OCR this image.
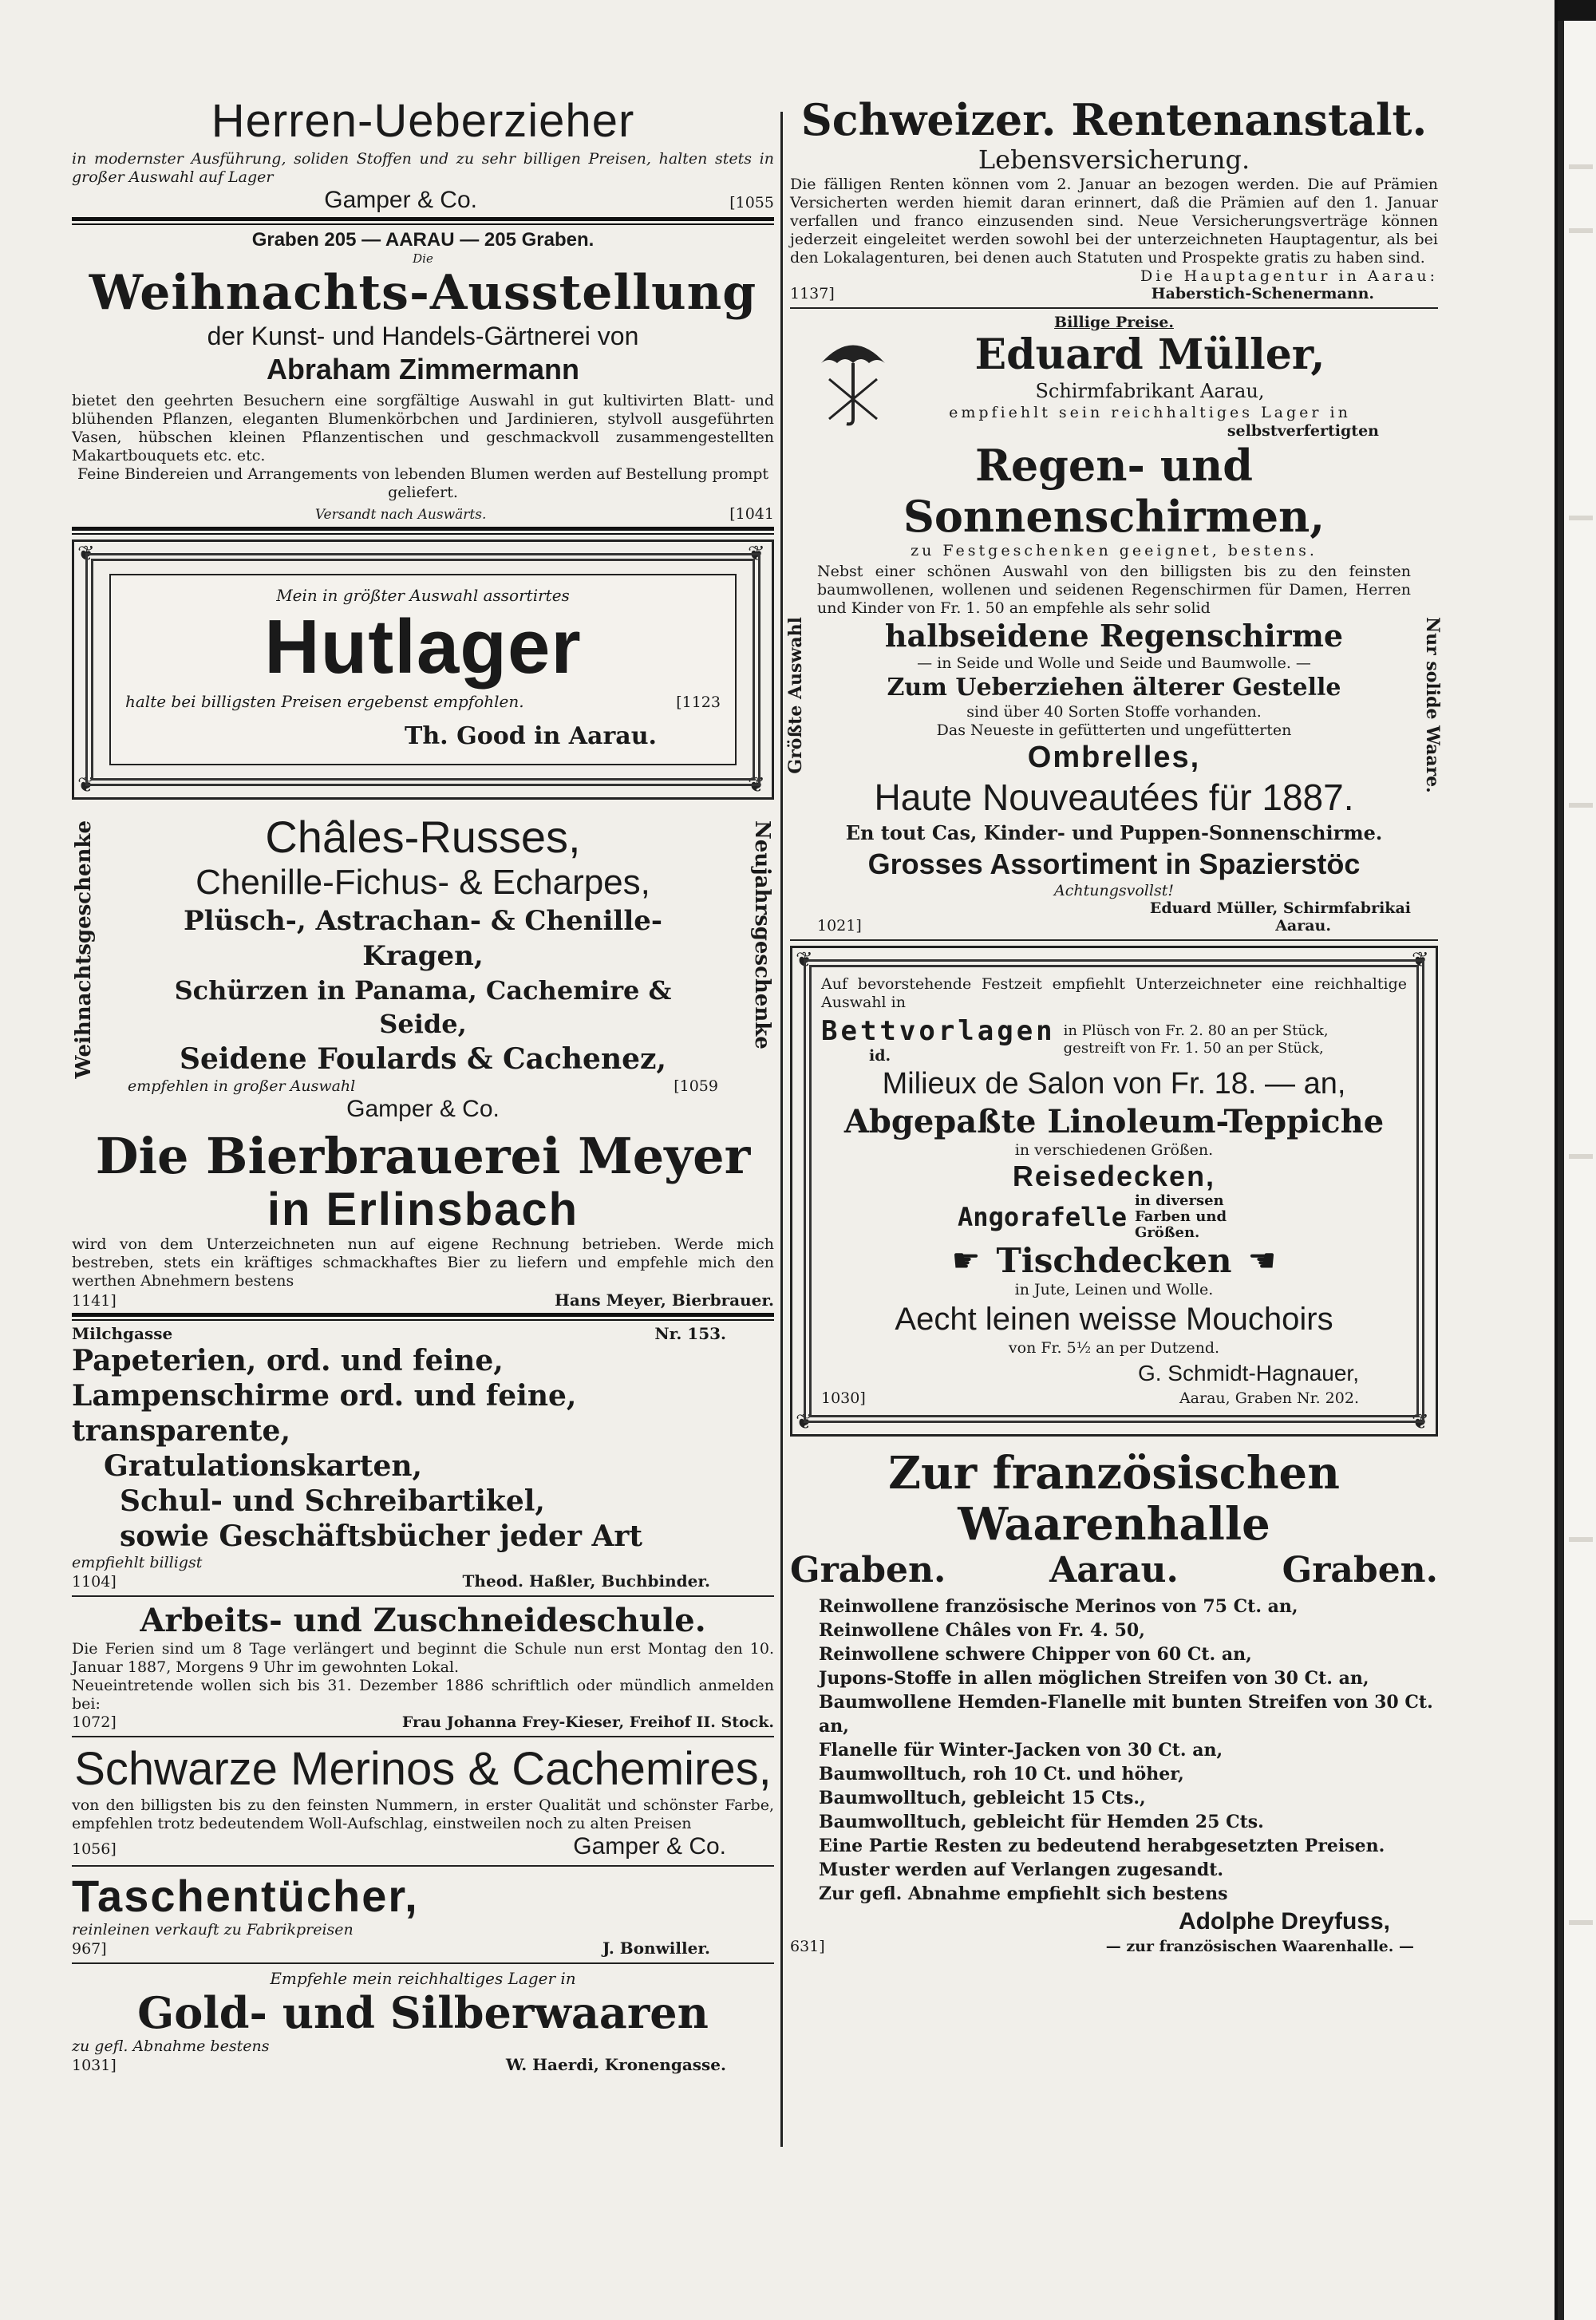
Herren-Ueberzieher
in modernster Ausführung, soliden Stoffen und zu sehr billigen Preisen, halten stets in großer Auswahl auf Lager
Gamper & Co.	[1055
Graben 205 — AARAU — 205 Graben.
Die
Weihnachts-Ausstellung
der Kunst- und Handels-Gärtnerei von
Abraham Zimmermann
bietet den geehrten Besuchern eine sorgfältige Auswahl in gut kultivirten Blatt- und blühenden Pflanzen, eleganten Blumenkörbchen und Jardinieren, stylvoll ausgeführten Vasen, hübschen kleinen Pflanzentischen und geschmackvoll zusammengestellten Makartbouquets etc. etc.
Feine Bindereien und Arrangements von lebenden Blumen werden auf Bestellung prompt geliefert.
Versandt nach Auswärts.	[1041
❦	❦
❦	❦
Mein in größter Auswahl assortirtes
Hutlager
halte bei billigsten Preisen ergebenst empfohlen.	[1123
Th. Good in Aarau.
Weihnachtsgeschenke	Neujahrsgeschenke
Châles-Russes,
Chenille-Fichus- & Echarpes,
Plüsch-, Astrachan- & Chenille-Kragen,
Schürzen in Panama, Cachemire & Seide,
Seidene Foulards & Cachenez,
empfehlen in großer Auswahl	[1059
Gamper & Co.
Die Bierbrauerei Meyer
in Erlinsbach
wird von dem Unterzeichneten nun auf eigene Rechnung betrieben. Werde mich bestreben, stets ein kräftiges schmackhaftes Bier zu liefern und empfehle mich den werthen Abnehmern bestens
1141]	Hans Meyer, Bierbrauer.
Milchgasse	Nr. 153.
Papeterien, ord. und feine,
Lampenschirme ord. und feine, transparente,
Gratulationskarten,
Schul- und Schreibartikel,
sowie Geschäftsbücher jeder Art
empfiehlt billigst
1104]	Theod. Haßler, Buchbinder.
Arbeits- und Zuschneideschule.
Die Ferien sind um 8 Tage verlängert und beginnt die Schule nun erst Montag den 10. Januar 1887, Morgens 9 Uhr im gewohnten Lokal.
Neueintretende wollen sich bis 31. Dezember 1886 schriftlich oder mündlich anmelden bei:
1072]	Frau Johanna Frey-Kieser, Freihof II. Stock.
Schwarze Merinos & Cachemires,
von den billigsten bis zu den feinsten Nummern, in erster Qualität und schönster Farbe, empfehlen trotz bedeutendem Woll-Aufschlag, einstweilen noch zu alten Preisen
1056]	Gamper & Co.
Taschentücher,
reinleinen verkauft zu Fabrikpreisen
967]	J. Bonwiller.
Empfehle mein reichhaltiges Lager in
Gold- und Silberwaaren
zu gefl. Abnahme bestens
1031]	W. Haerdi, Kronengasse.
Schweizer. Rentenanstalt.
Lebensversicherung.
Die fälligen Renten können vom 2. Januar an bezogen werden. Die auf Prämien Versicherten werden hiemit daran erinnert, daß die Prämien auf den 1. Januar verfallen und franco einzusenden sind. Neue Versicherungsverträge können jederzeit eingeleitet werden sowohl bei der unterzeichneten Hauptagentur, als bei den Lokalagenturen, bei denen auch Statuten und Prospekte gratis zu haben sind.
Die Hauptagentur in Aarau:
1137]	Haberstich-Schenermann.
Größte Auswahl	Nur solide Waare.
Billige Preise.
Eduard Müller,
Schirmfabrikant Aarau,
empfiehlt sein reichhaltiges Lager in
selbstverfertigten
Regen- und Sonnenschirmen,
zu Festgeschenken geeignet, bestens.
Nebst einer schönen Auswahl von den billigsten bis zu den feinsten baumwollenen, wollenen und seidenen Regenschirmen für Damen, Herren und Kinder von Fr. 1. 50 an empfehle als sehr solid
halbseidene Regenschirme
— in Seide und Wolle und Seide und Baumwolle. —
Zum Ueberziehen älterer Gestelle
sind über 40 Sorten Stoffe vorhanden.
Das Neueste in gefütterten und ungefütterten
Ombrelles,
Haute Nouveautées für 1887.
En tout Cas, Kinder- und Puppen-Sonnenschirme.
Grosses Assortiment in Spazierstöc
Achtungsvollst!
Eduard Müller, Schirmfabrikai
1021]	Aarau.
❦	❦
❦	❦
Auf bevorstehende Festzeit empfiehlt Unterzeichneter eine reichhaltige Auswahl in
Bettvorlagen
id.
in Plüsch von Fr. 2. 80 an per Stück,
gestreift von Fr. 1. 50 an per Stück,
Milieux de Salon von Fr. 18. — an,
Abgepaßte Linoleum-Teppiche
in verschiedenen Größen.
Reisedecken,
Angorafelle
in diversen Farben und Größen.
☛ Tischdecken ☚
in Jute, Leinen und Wolle.
Aecht leinen weisse Mouchoirs
von Fr. 5½ an per Dutzend.
G. Schmidt-Hagnauer,
1030]	Aarau, Graben Nr. 202.
Zur französischen Waarenhalle
Graben.	Aarau.	Graben.
Reinwollene französische Merinos von 75 Ct. an,
Reinwollene Châles von Fr. 4. 50,
Reinwollene schwere Chipper von 60 Ct. an,
Jupons-Stoffe in allen möglichen Streifen von 30 Ct. an,
Baumwollene Hemden-Flanelle mit bunten Streifen von 30 Ct. an,
Flanelle für Winter-Jacken von 30 Ct. an,
Baumwolltuch, roh 10 Ct. und höher,
Baumwolltuch, gebleicht 15 Cts.,
Baumwolltuch, gebleicht für Hemden 25 Cts.
Eine Partie Resten zu bedeutend herabgesetzten Preisen.
Muster werden auf Verlangen zugesandt.
Zur gefl. Abnahme empfiehlt sich bestens
Adolphe Dreyfuss,
631]	— zur französischen Waarenhalle. —
